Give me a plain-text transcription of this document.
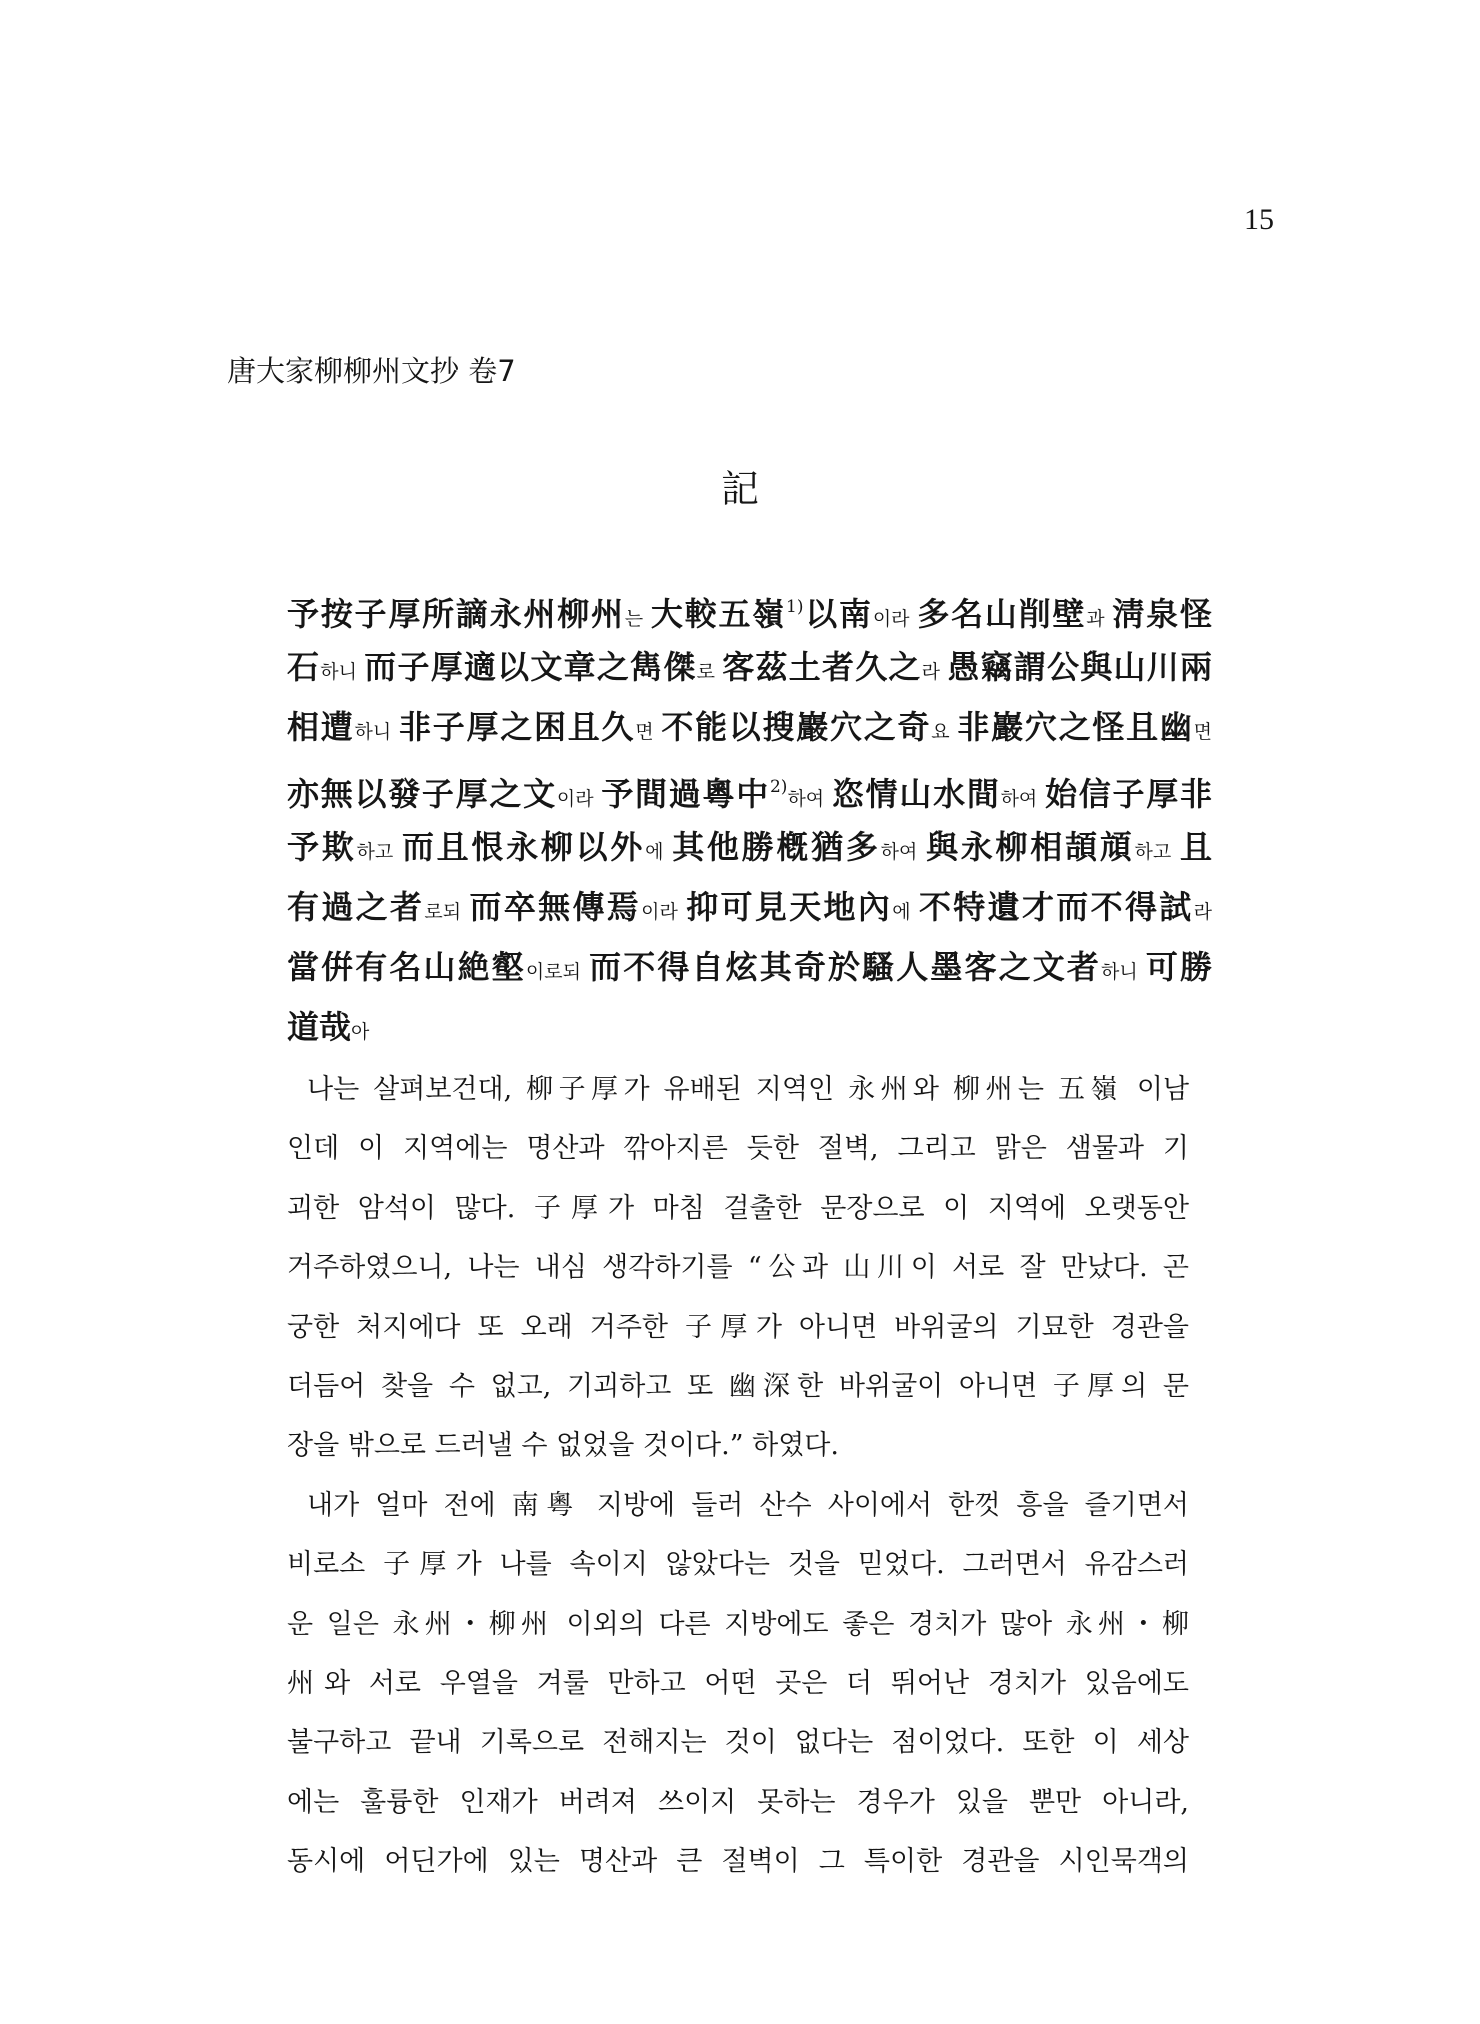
15
唐大家柳柳州文抄 卷7
記
予按子厚所謫永州柳州는 大較五嶺$^{1)}$以南이라 多名山削壁과 淸泉怪
石하니 而子厚適以文章之雋傑로 客茲土者久之라 愚竊謂公與山川兩
相遭하니 非子厚之困且久면 不能以搜巖穴之奇요 非巖穴之怪且幽면
亦無以發子厚之文이라 予間過粵中$^{2)}$하여 恣情山水間하여 始信子厚非
予欺하고 而且恨永柳以外에 其他勝槪猶多하여 與永柳相頡頏하고 且
有過之者로되 而卒無傳焉이라 抑可見天地內에 不特遺才而不得試라
當倂有名山絶壑이로되 而不得自炫其奇於騷人墨客之文者하니 可勝
道哉아
나는 살펴보건대, 柳子厚가 유배된 지역인 永州와 柳州는 五嶺 이남
인데 이 지역에는 명산과 깎아지른 듯한 절벽, 그리고 맑은 샘물과 기
괴한 암석이 많다. 子厚가 마침 걸출한 문장으로 이 지역에 오랫동안
거주하였으니, 나는 내심 생각하기를 “公과 山川이 서로 잘 만났다. 곤
궁한 처지에다 또 오래 거주한 子厚가 아니면 바위굴의 기묘한 경관을
더듬어 찾을 수 없고, 기괴하고 또 幽深한 바위굴이 아니면 子厚의 문
장을 밖으로 드러낼 수 없었을 것이다.” 하였다.
내가 얼마 전에 南粵 지방에 들러 산수 사이에서 한껏 흥을 즐기면서
비로소 子厚가 나를 속이지 않았다는 것을 믿었다. 그러면서 유감스러
운 일은 永州・柳州 이외의 다른 지방에도 좋은 경치가 많아 永州・柳
州와 서로 우열을 겨룰 만하고 어떤 곳은 더 뛰어난 경치가 있음에도
불구하고 끝내 기록으로 전해지는 것이 없다는 점이었다. 또한 이 세상
에는 훌륭한 인재가 버려져 쓰이지 못하는 경우가 있을 뿐만 아니라,
동시에 어딘가에 있는 명산과 큰 절벽이 그 특이한 경관을 시인묵객의
